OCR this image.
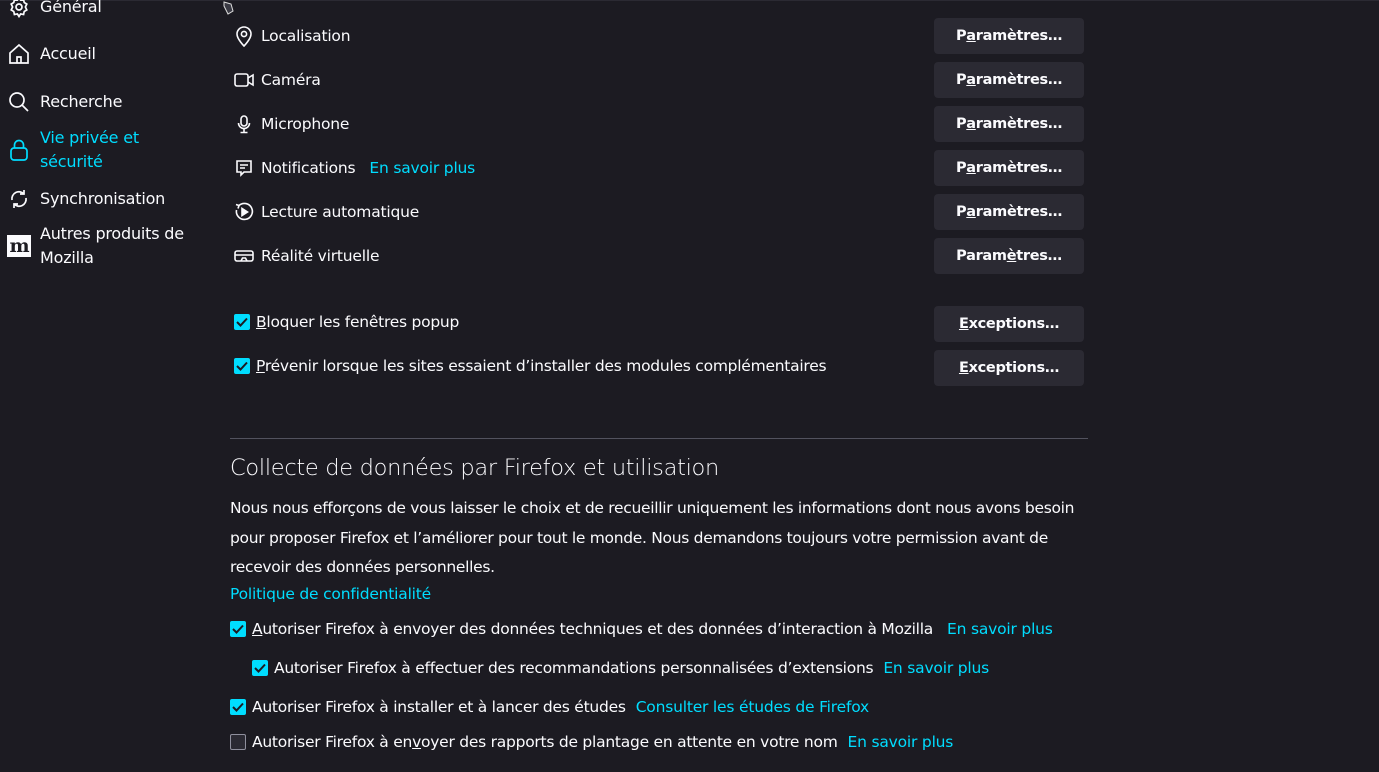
Général
Accueil
Recherche
Vie privée et
sécurité
Synchronisation
m
Autres produits de
Mozilla
Localisation	P a ramètres…
Caméra	P a ramètres…
Microphone	P a ramètres…
Notifications En savoir plus	P a ramètres…
Lecture automatique	P a ramètres…
Réalité virtuelle	Param è tres…
Bloquer les fenêtres popup	E xceptions…
Prévenir lorsque les sites essaient d’installer des modules complémentaires	E xceptions…
Collecte de données par Firefox et utilisation
Nous nous efforçons de vous laisser le choix et de recueillir uniquement les informations dont nous avons besoin pour proposer Firefox et l’améliorer pour tout le monde. Nous demandons toujours votre permission avant de recevoir des données personnelles.
Politique de confidentialité
Autoriser Firefox à envoyer des données techniques et des données d’interaction à Mozilla En savoir plus
Autoriser Firefox à effectuer des recommandations personnalisées d’extensions En savoir plus
Autoriser Firefox à installer et à lancer des études Consulter les études de Firefox
Autoriser Firefox à envoyer des rapports de plantage en attente en votre nom En savoir plus
